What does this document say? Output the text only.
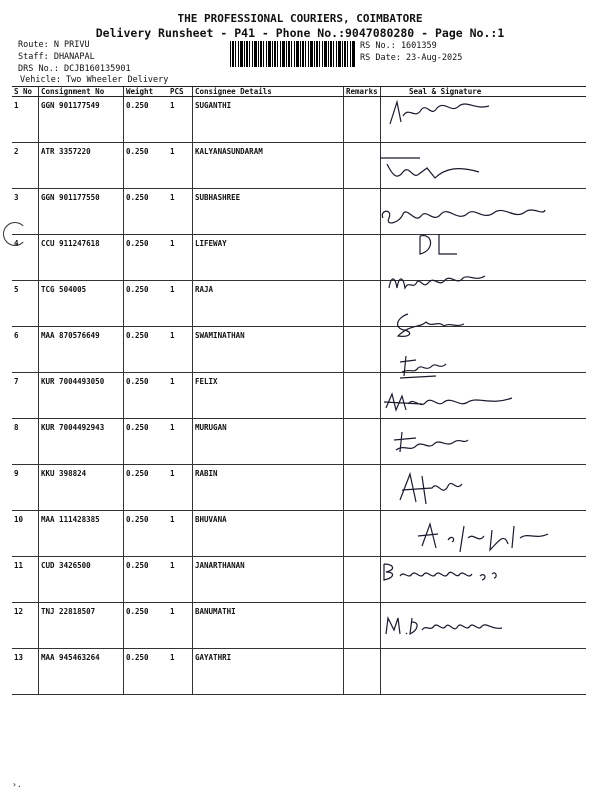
THE PROFESSIONAL COURIERS, COIMBATORE
Delivery Runsheet - P41 - Phone No.:9047080280 - Page No.:1
Route: N PRIVU
Staff: DHANAPAL
DRS No.: DCJB160135901
Vehicle: Two Wheeler Delivery
RS No.: 1601359
RS Date: 23-Aug-2025
S No	Consignment No	Weight	PCS	Consignee Details	Remarks	Seal & Signature
1	GGN 901177549	0.250	1	SUGANTHI		
2	ATR 3357220	0.250	1	KALYANASUNDARAM		
3	GGN 901177550	0.250	1	SUBHASHREE		
4	CCU 911247618	0.250	1	LIFEWAY		
5	TCG 504005	0.250	1	RAJA		
6	MAA 870576649	0.250	1	SWAMINATHAN		
7	KUR 7004493050	0.250	1	FELIX		
8	KUR 7004492943	0.250	1	MURUGAN		
9	KKU 398824	0.250	1	RABIN		
10	MAA 111428385	0.250	1	BHUVANA		
11	CUD 3426500	0.250	1	JANARTHANAN		
12	TNJ 22818507	0.250	1	BANUMATHI		
13	MAA 945463264	0.250	1	GAYATHRI		
›.
